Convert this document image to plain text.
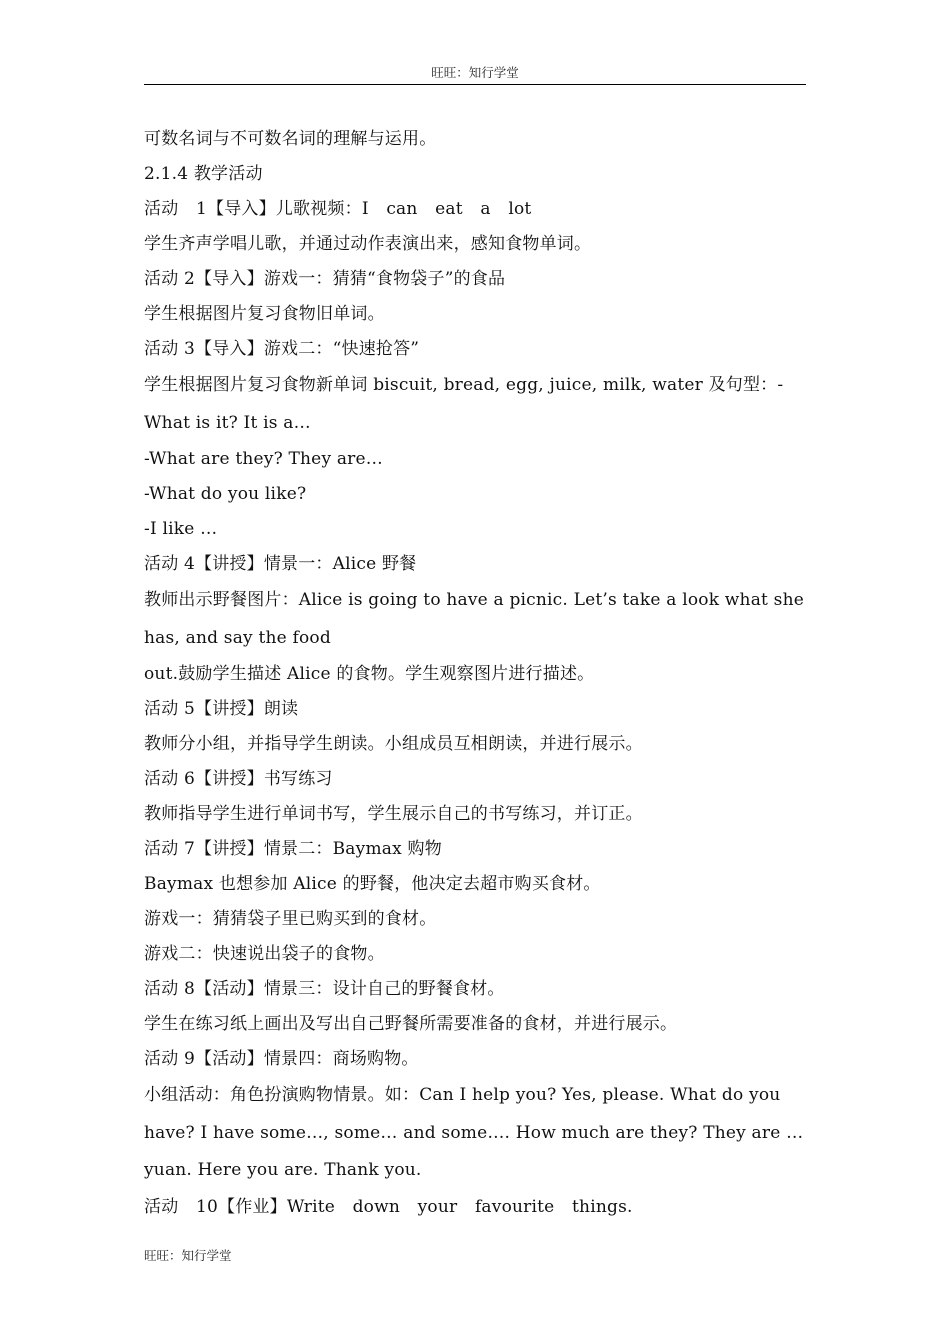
旺旺：知行学堂
可数名词与不可数名词的理解与运用。
2.1.4 教学活动
活动 1【导入】儿歌视频：I can eat a lot
学生齐声学唱儿歌，并通过动作表演出来，感知食物单词。
活动 2【导入】游戏一：猜猜“食物袋子”的食品
学生根据图片复习食物旧单词。
活动 3【导入】游戏二：“快速抢答”
学生根据图片复习食物新单词 biscuit, bread, egg, juice, milk, water 及句型：-What is it? It is a…
-What are they? They are…
-What do you like?
-I like …
活动 4【讲授】情景一：Alice 野餐
教师出示野餐图片：Alice is going to have a picnic. Let’s take a look what she has, and say the food
out.鼓励学生描述 Alice 的食物。学生观察图片进行描述。
活动 5【讲授】朗读
教师分小组，并指导学生朗读。小组成员互相朗读，并进行展示。
活动 6【讲授】书写练习
教师指导学生进行单词书写，学生展示自己的书写练习，并订正。
活动 7【讲授】情景二：Baymax 购物
Baymax 也想参加 Alice 的野餐，他决定去超市购买食材。
游戏一：猜猜袋子里已购买到的食材。
游戏二：快速说出袋子的食物。
活动 8【活动】情景三：设计自己的野餐食材。
学生在练习纸上画出及写出自己野餐所需要准备的食材，并进行展示。
活动 9【活动】情景四：商场购物。
小组活动：角色扮演购物情景。如：Can I help you? Yes, please. What do you have? I have some…, some… and some…. How much are they? They are … yuan. Here you are. Thank you.
活动 10【作业】Write down your favourite things.
旺旺：知行学堂
